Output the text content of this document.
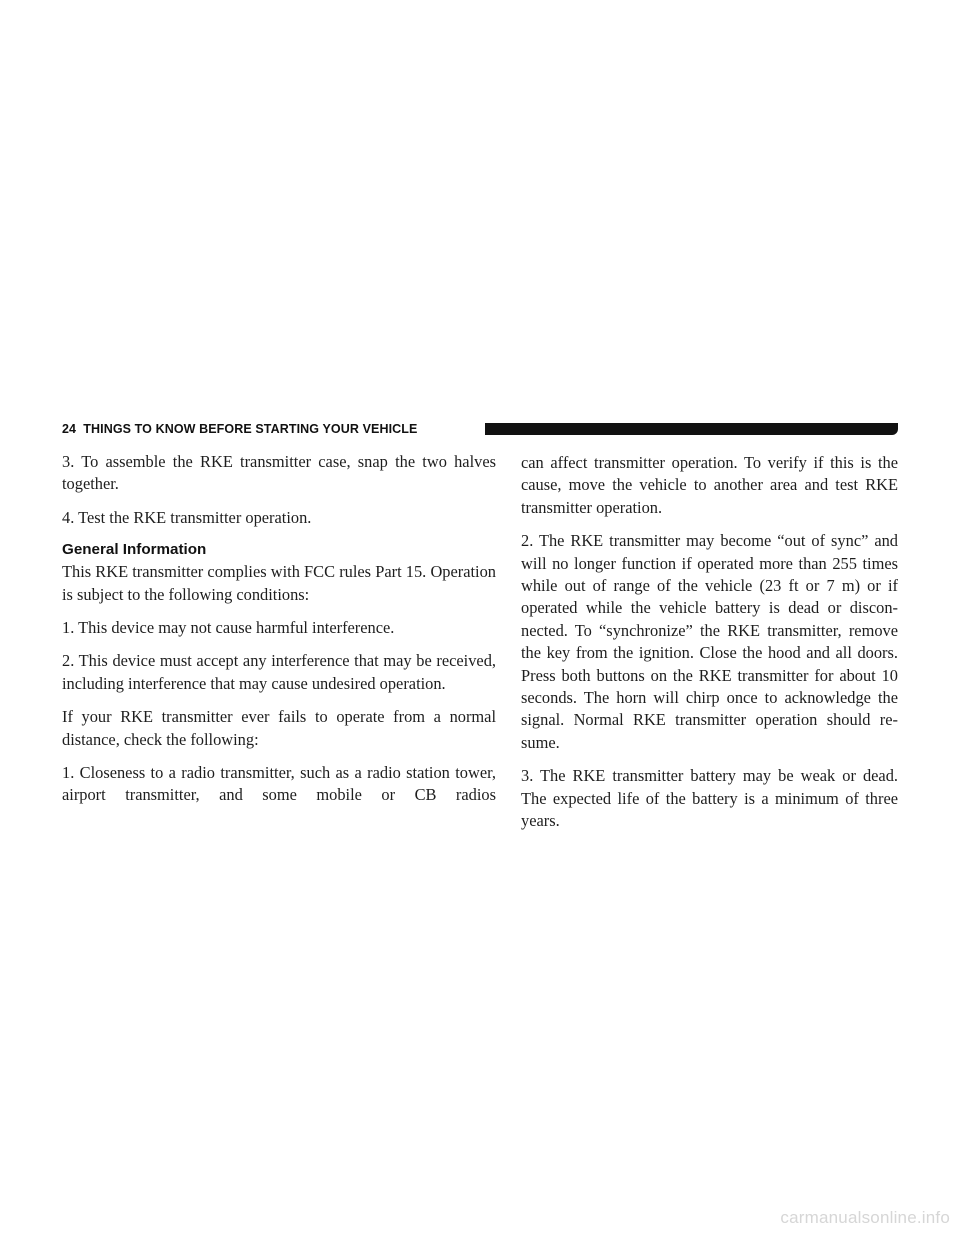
24 THINGS TO KNOW BEFORE STARTING YOUR VEHICLE

3. To assemble the RKE transmitter case, snap the two halves together.

4. Test the RKE transmitter operation.

General Information

This RKE transmitter complies with FCC rules Part 15. Operation is subject to the following conditions:

1. This device may not cause harmful interference.

2. This device must accept any interference that may be received, including interference that may cause undesired operation.

If your RKE transmitter ever fails to operate from a normal distance, check the following:

1. Closeness to a radio transmitter, such as a radio station tower, airport transmitter, and some mobile or CB radios

can affect transmitter operation. To verify if this is the cause, move the vehicle to another area and test RKE transmitter operation.

2. The RKE transmitter may become “out of sync” and will no longer function if operated more than 255 times while out of range of the vehicle (23 ft or 7 m) or if operated while the vehicle battery is dead or disconnected. To “synchronize” the RKE transmitter, remove the key from the ignition. Close the hood and all doors. Press both buttons on the RKE transmitter for about 10 seconds. The horn will chirp once to acknowledge the signal. Normal RKE transmitter operation should resume.

3. The RKE transmitter battery may be weak or dead. The expected life of the battery is a minimum of three years.

carmanualsonline.info
